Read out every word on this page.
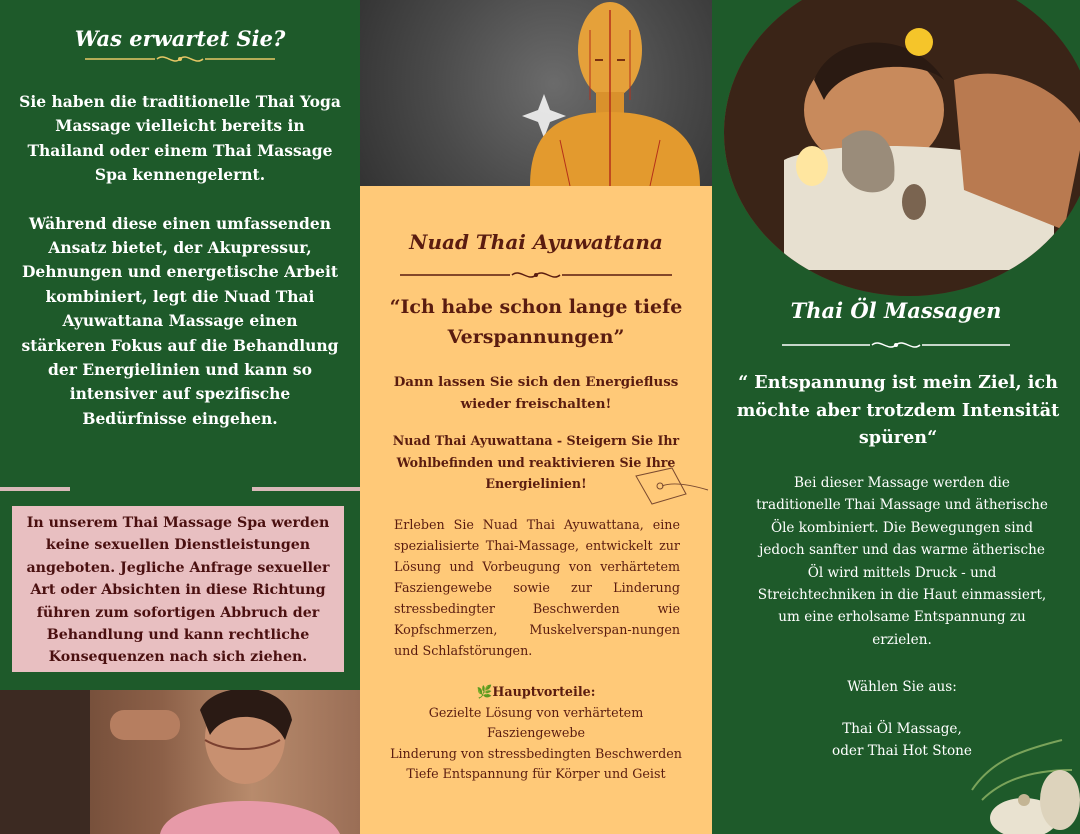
Was erwartet Sie?

Sie haben die traditionelle Thai Yoga Massage vielleicht bereits in Thailand oder einem Thai Massage Spa kennengelernt.

Während diese einen umfassenden Ansatz bietet, der Akupressur, Dehnungen und energetische Arbeit kombiniert, legt die Nuad Thai Ayuwattana Massage einen stärkeren Fokus auf die Behandlung der Energielinien und kann so intensiver auf spezifische Bedürfnisse eingehen.

In unserem Thai Massage Spa werden keine sexuellen Dienstleistungen angeboten. Jegliche Anfrage sexueller Art oder Absichten in diese Richtung führen zum sofortigen Abbruch der Behandlung und kann rechtliche Konsequenzen nach sich ziehen.
Nuad Thai Ayuwattana
“Ich habe schon lange tiefe Verspannungen”
Dann lassen Sie sich den Energiefluss wieder freischalten!
Nuad Thai Ayuwattana - Steigern Sie Ihr Wohlbefinden und reaktivieren Sie Ihre Energielinien!
Erleben Sie Nuad Thai Ayuwattana, eine spezialisierte Thai-Massage, entwickelt zur Lösung und Vorbeugung von verhärtetem Fasziengewebe sowie zur Linderung stressbedingter Beschwerden wie Kopfschmerzen, Muskelverspan-nungen und Schlafstörungen.
🌿Hauptvorteile:
Gezielte Lösung von verhärtetem Fasziengewebe
Linderung von stressbedingten Beschwerden
Tiefe Entspannung für Körper und Geist
Thai Öl Massagen
“ Entspannung ist mein Ziel, ich möchte aber trotzdem Intensität spüren“
Bei dieser Massage werden die traditionelle Thai Massage und ätherische Öle kombiniert. Die Bewegungen sind jedoch sanfter und das warme ätherische Öl wird mittels Druck - und Streichtechniken in die Haut einmassiert, um eine erholsame Entspannung zu erzielen.
Wählen Sie aus:
Thai Öl Massage,
oder Thai Hot Stone
